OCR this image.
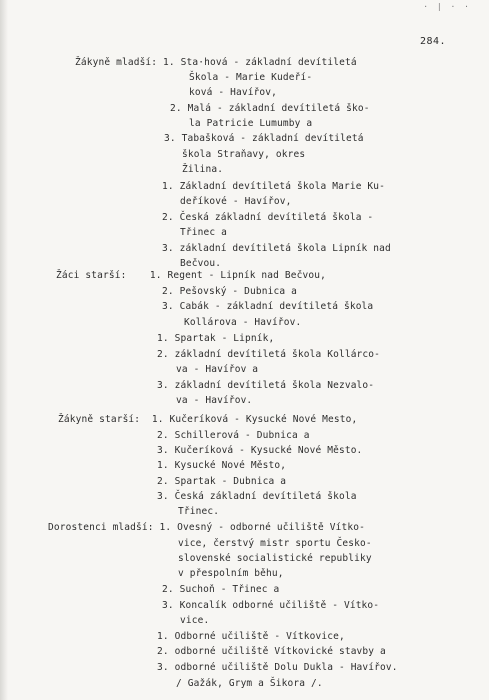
· | · ·
284.
Žákyně mladší: 1. Sta·hová - základní devítiletá
Škola - Marie Kudeří-
ková - Havířov,
2. Malá - základní devítiletá ško-
la Patricie Lumumby a
3. Tabašková - základní devítiletá
škola Straňavy, okres
Žilina.
1. Základní devítiletá škola Marie Ku-
deříkové - Havířov,
2. Česká základní devítiletá škola -
Třinec a
3. základní devítiletá škola Lipník nad
Bečvou.
Žáci starší:    1. Regent - Lipník nad Bečvou,
2. Pešovský - Dubnica a
3. Cabák - základní devítiletá škola
Kollárova - Havířov.
1. Spartak - Lipník,
2. základní devítiletá škola Kollárco-
va - Havířov a
3. základní devítiletá škola Nezvalo-
va - Havířov.
Žákyně starší:  1. Kučeríková - Kysucké Nové Mesto,
2. Schillerová - Dubnica a
3. Kučeríková - Kysucké Nové Město.
1. Kysucké Nové Město,
2. Spartak - Dubnica a
3. Česká základní devítiletá škola
Třinec.
Dorostenci mladší: 1. Ovesný - odborné učiliště Vítko-
vice, čerstvý mistr sportu Česko-
slovenské socialistické republiky
v přespolním běhu,
2. Suchoň - Třinec a
3. Koncalík odborné učiliště - Vítko-
vice.
1. Odborné učiliště - Vítkovice,
2. odborné učiliště Vítkovické stavby a
3. odborné učiliště Dolu Dukla - Havířov.
/ Gažák, Grym a Šikora /.
